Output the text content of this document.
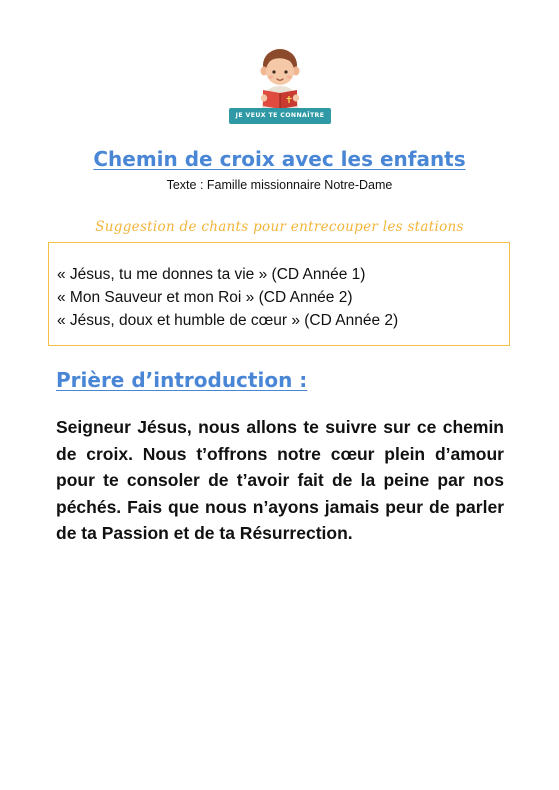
JE VEUX TE CONNAÎTRE
Chemin de croix avec les enfants
Texte : Famille missionnaire Notre-Dame
Suggestion de chants pour entrecouper les stations
« Jésus, tu me donnes ta vie » (CD Année 1)
« Mon Sauveur et mon Roi » (CD Année 2)
« Jésus, doux et humble de cœur » (CD Année 2)
Prière d’introduction :

Seigneur Jésus, nous allons te suivre sur ce chemin de croix. Nous t’offrons notre cœur plein d’amour pour te consoler de t’avoir fait de la peine par nos péchés. Fais que nous n’ayons jamais peur de parler de ta Passion et de ta Résurrection.
